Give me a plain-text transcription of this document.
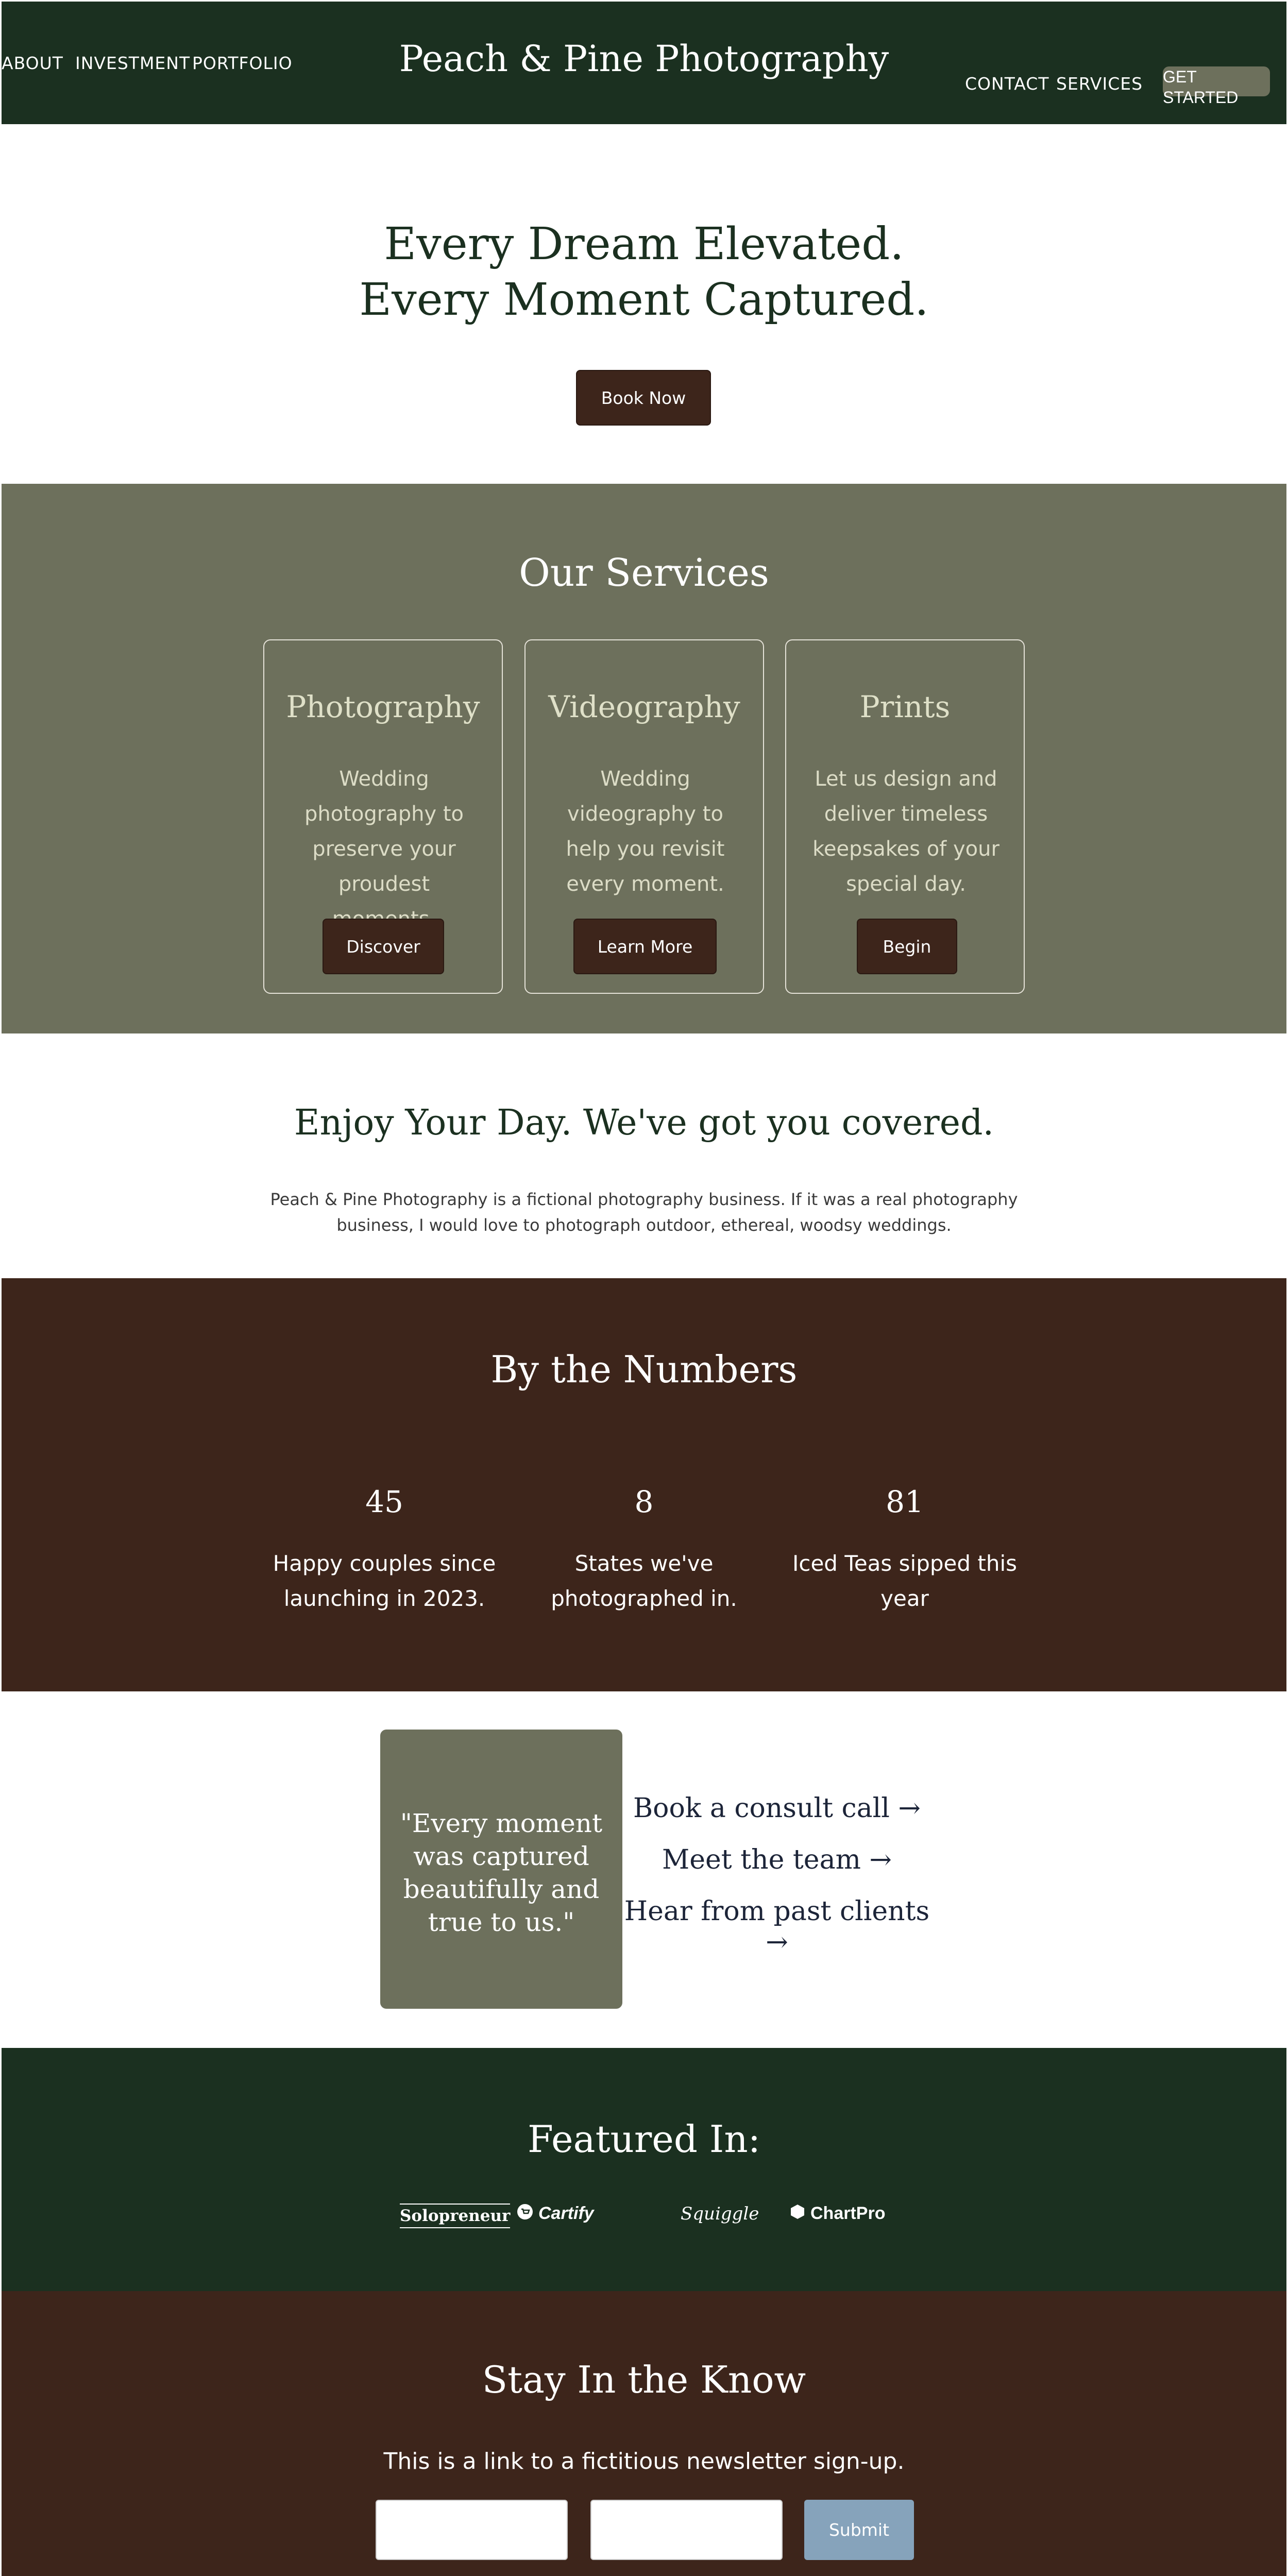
ABOUT INVESTMENT PORTFOLIO	Peach & Pine Photography
CONTACT SERVICES GET STARTED
Every Dream Elevated.
Every Moment Captured.
Book Now
Our Services
Photography
Wedding photography to preserve your proudest
Discover
Videography
Wedding videography to help you revisit every moment.
Learn More
Prints
Let us design and deliver timeless keepsakes of your special day.
Begin
Enjoy Your Day. We've got you covered.
Peach & Pine Photography is a fictional photography business. If it was a real photography business, I would love to photograph outdoor, ethereal, woodsy weddings.
By the Numbers
45
Happy couples since launching in 2023.
8
States we've photographed in.
81
Iced Teas sipped this year
"Every moment was captured beautifully and true to us."
Book a consult call →
Meet the team →
Hear from past clients →
Featured In:
Solopreneur Cartify	Squiggle	ChartPro
Stay In the Know
This is a link to a fictitious newsletter sign-up.
Submit
